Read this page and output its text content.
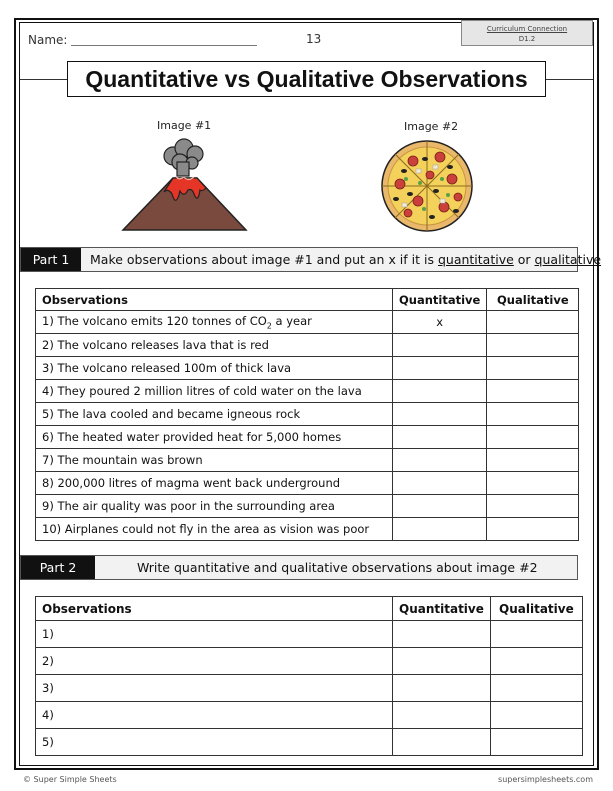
Name:	13
Curriculum Connection
D1.2
Quantitative vs Qualitative Observations
Image #1	Image #2
Part 1	Make observations about image #1 and put an x if it is quantitative or qualitative
Observations	Quantitative	Qualitative
1) The volcano emits 120 tonnes of $CO_2$ a year	x	
2) The volcano releases lava that is red		
3) The volcano released 100m of thick lava		
4) They poured 2 million litres of cold water on the lava		
5) The lava cooled and became igneous rock		
6) The heated water provided heat for 5,000 homes		
7) The mountain was brown		
8) 200,000 litres of magma went back underground		
9) The air quality was poor in the surrounding area		
10) Airplanes could not fly in the area as vision was poor		
Part 2	Write quantitative and qualitative observations about image #2
Observations	Quantitative	Qualitative
1)		
2)		
3)		
4)		
5)		
© Super Simple Sheets	supersimplesheets.com
